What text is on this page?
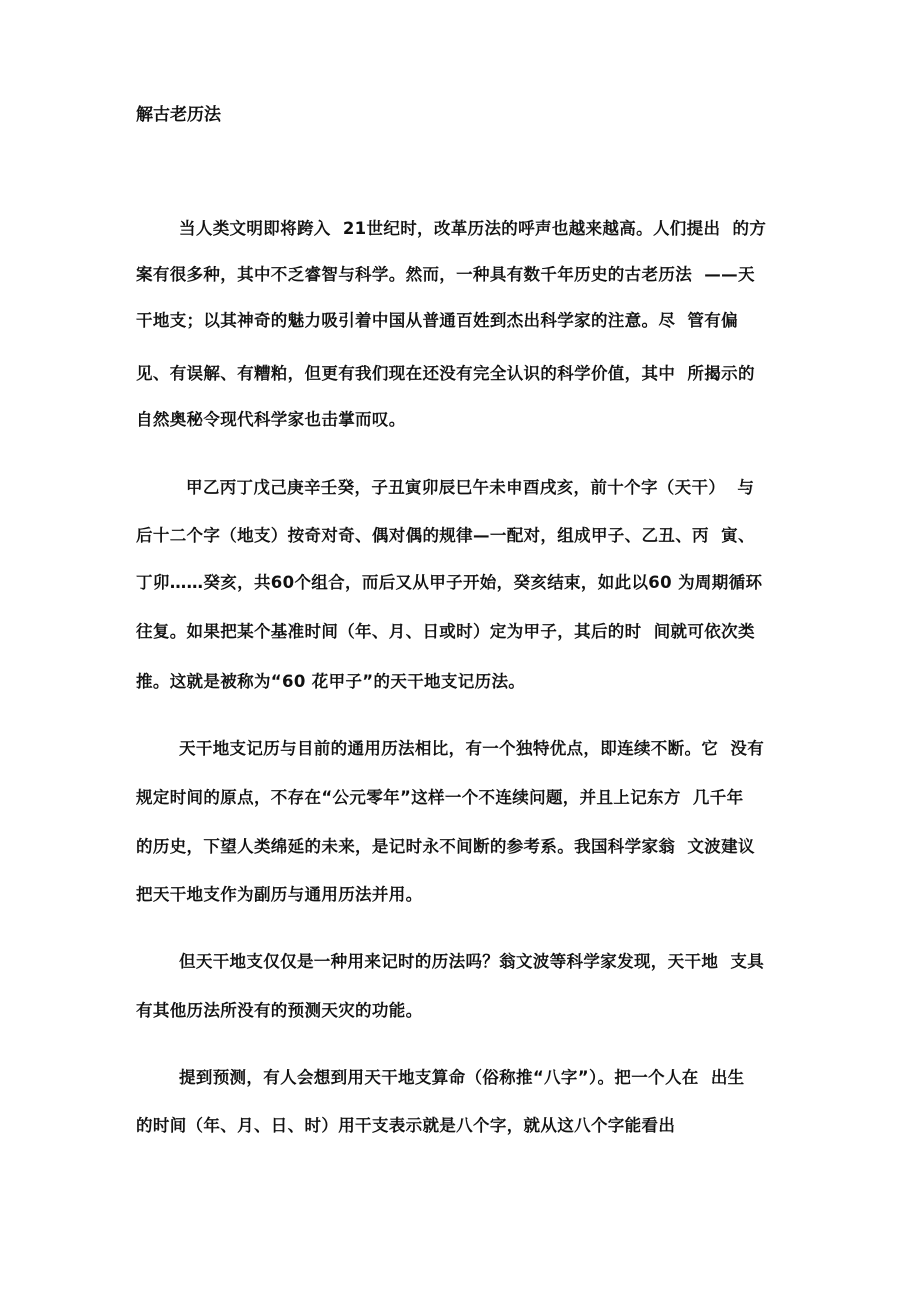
解古老历法

当人类文明即将跨入  21世纪时，改革历法的呼声也越来越高。人们提出  的方

案有很多种，其中不乏睿智与科学。然而，一种具有数千年历史的古老历法  ——天

干地支；以其神奇的魅力吸引着中国从普通百姓到杰出科学家的注意。尽  管有偏

见、有误解、有糟粕，但更有我们现在还没有完全认识的科学价值，其中  所揭示的

自然奥秘令现代科学家也击掌而叹。

甲乙丙丁戊己庚辛壬癸，子丑寅卯辰巳午未申酉戌亥，前十个字（天干）  与

后十二个字（地支）按奇对奇、偶对偶的规律—一配对，组成甲子、乙丑、丙  寅、

丁卯……癸亥，共60个组合，而后又从甲子开始，癸亥结束，如此以60 为周期循环

往复。如果把某个基准时间（年、月、日或时）定为甲子，其后的时  间就可依次类

推。这就是被称为“60 花甲子”的天干地支记历法。

天干地支记历与目前的通用历法相比，有一个独特优点，即连续不断。它  没有

规定时间的原点，不存在“公元零年”这样一个不连续问题，并且上记东方  几千年

的历史，下望人类绵延的未来，是记时永不间断的参考系。我国科学家翁  文波建议

把天干地支作为副历与通用历法并用。

但天干地支仅仅是一种用来记时的历法吗？翁文波等科学家发现，天干地  支具

有其他历法所没有的预测天灾的功能。

提到预测，有人会想到用天干地支算命（俗称推“八字”）。把一个人在  出生

的时间（年、月、日、时）用干支表示就是八个字，就从这八个字能看出
